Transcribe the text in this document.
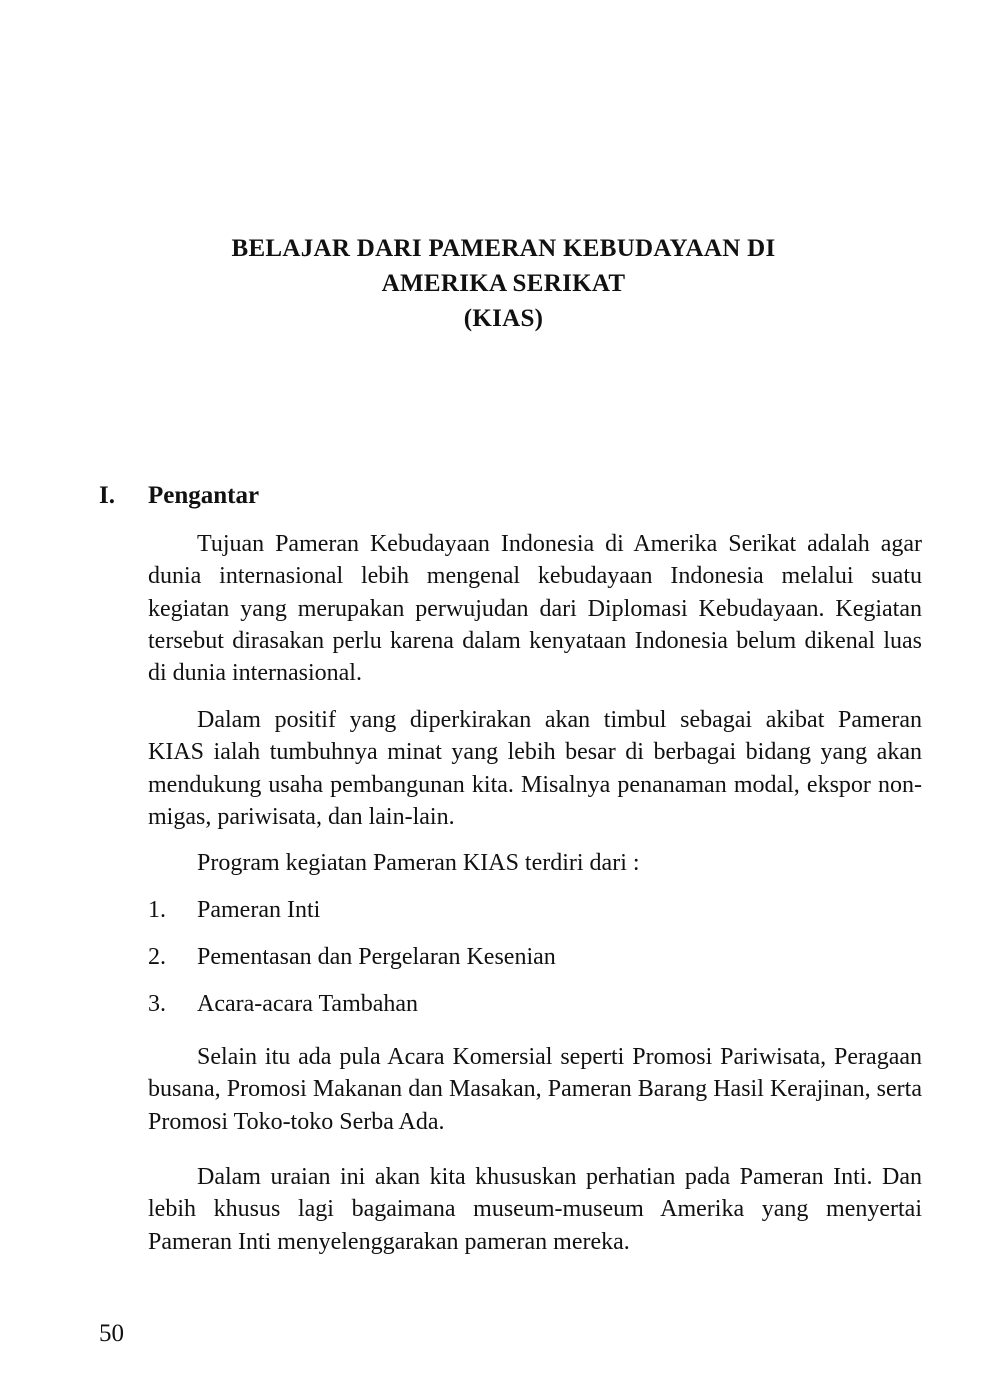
BELAJAR DARI PAMERAN KEBUDAYAAN DI
AMERIKA SERIKAT
(KIAS)
I. Pengantar

Tujuan Pameran Kebudayaan Indonesia di Amerika Serikat adalah agar dunia internasional lebih mengenal kebudayaan Indonesia melalui suatu kegiatan yang merupakan perwujudan dari Diplomasi Kebudayaan. Kegiatan tersebut dirasakan perlu karena dalam kenyataan Indonesia belum dikenal luas di dunia internasional.

Dalam positif yang diperkirakan akan timbul sebagai akibat Pameran KIAS ialah tumbuhnya minat yang lebih besar di berbagai bidang yang akan mendukung usaha pembangunan kita. Misalnya penanaman modal, ekspor non-migas, pariwisata, dan lain-lain.

Program kegiatan Pameran KIAS terdiri dari :

1.	Pameran Inti
2.	Pementasan dan Pergelaran Kesenian
3.	Acara-acara Tambahan

Selain itu ada pula Acara Komersial seperti Promosi Pariwisata, Peragaan busana, Promosi Makanan dan Masakan, Pameran Barang Hasil Kerajinan, serta Promosi Toko-toko Serba Ada.

Dalam uraian ini akan kita khususkan perhatian pada Pameran Inti. Dan lebih khusus lagi bagaimana museum-museum Amerika yang menyertai Pameran Inti menyelenggarakan pameran mereka.

50
